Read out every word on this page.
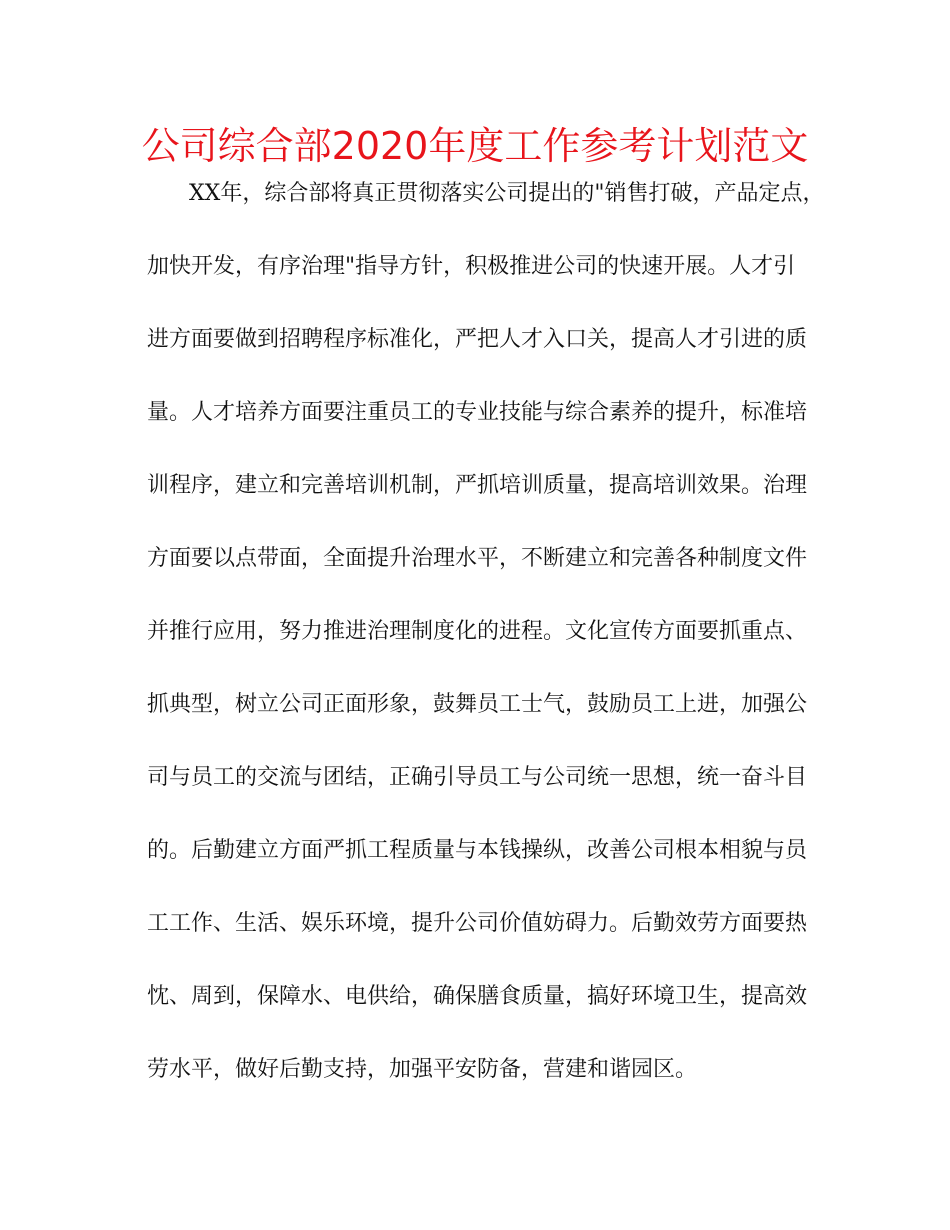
公司综合部2020年度工作参考计划范文
XX年，综合部将真正贯彻落实公司提出的"销售打破，产品定点，
加快开发，有序治理"指导方针，积极推进公司的快速开展。人才引
进方面要做到招聘程序标准化，严把人才入口关，提高人才引进的质
量。人才培养方面要注重员工的专业技能与综合素养的提升，标准培
训程序，建立和完善培训机制，严抓培训质量，提高培训效果。治理
方面要以点带面，全面提升治理水平，不断建立和完善各种制度文件
并推行应用，努力推进治理制度化的进程。文化宣传方面要抓重点、
抓典型，树立公司正面形象，鼓舞员工士气，鼓励员工上进，加强公
司与员工的交流与团结，正确引导员工与公司统一思想，统一奋斗目
的。后勤建立方面严抓工程质量与本钱操纵，改善公司根本相貌与员
工工作、生活、娱乐环境，提升公司价值妨碍力。后勤效劳方面要热
忱、周到，保障水、电供给，确保膳食质量，搞好环境卫生，提高效
劳水平，做好后勤支持，加强平安防备，营建和谐园区。
